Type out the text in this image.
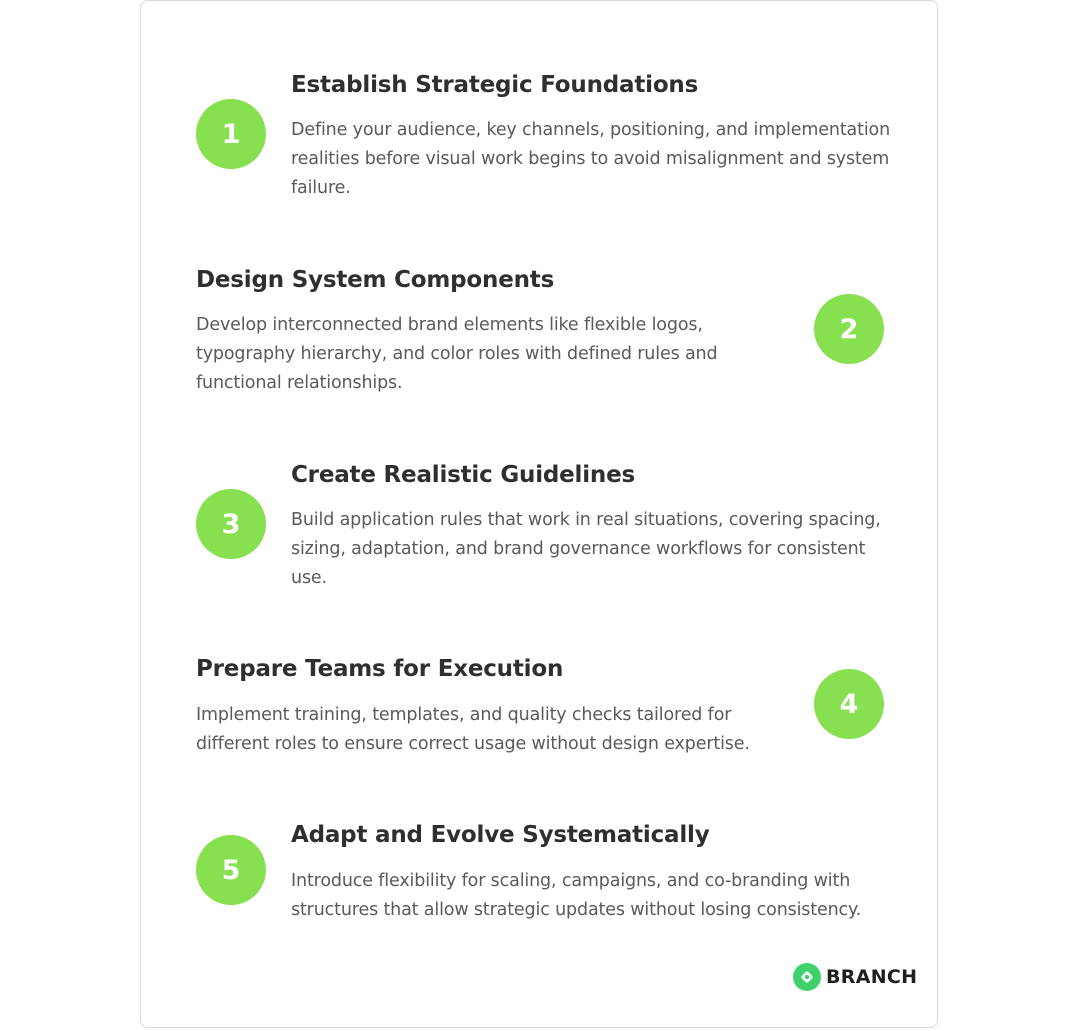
1
Establish Strategic Foundations

Define your audience, key channels, positioning, and implementation realities before visual work begins to avoid misalignment and system failure.

Design System Components

Develop interconnected brand elements like flexible logos, typography hierarchy, and color roles with defined rules and functional relationships.

2
3
Create Realistic Guidelines

Build application rules that work in real situations, covering spacing, sizing, adaptation, and brand governance workflows for consistent use.

Prepare Teams for Execution

Implement training, templates, and quality checks tailored for different roles to ensure correct usage without design expertise.

4
5
Adapt and Evolve Systematically

Introduce flexibility for scaling, campaigns, and co-branding with structures that allow strategic updates without losing consistency.

BRANCH
